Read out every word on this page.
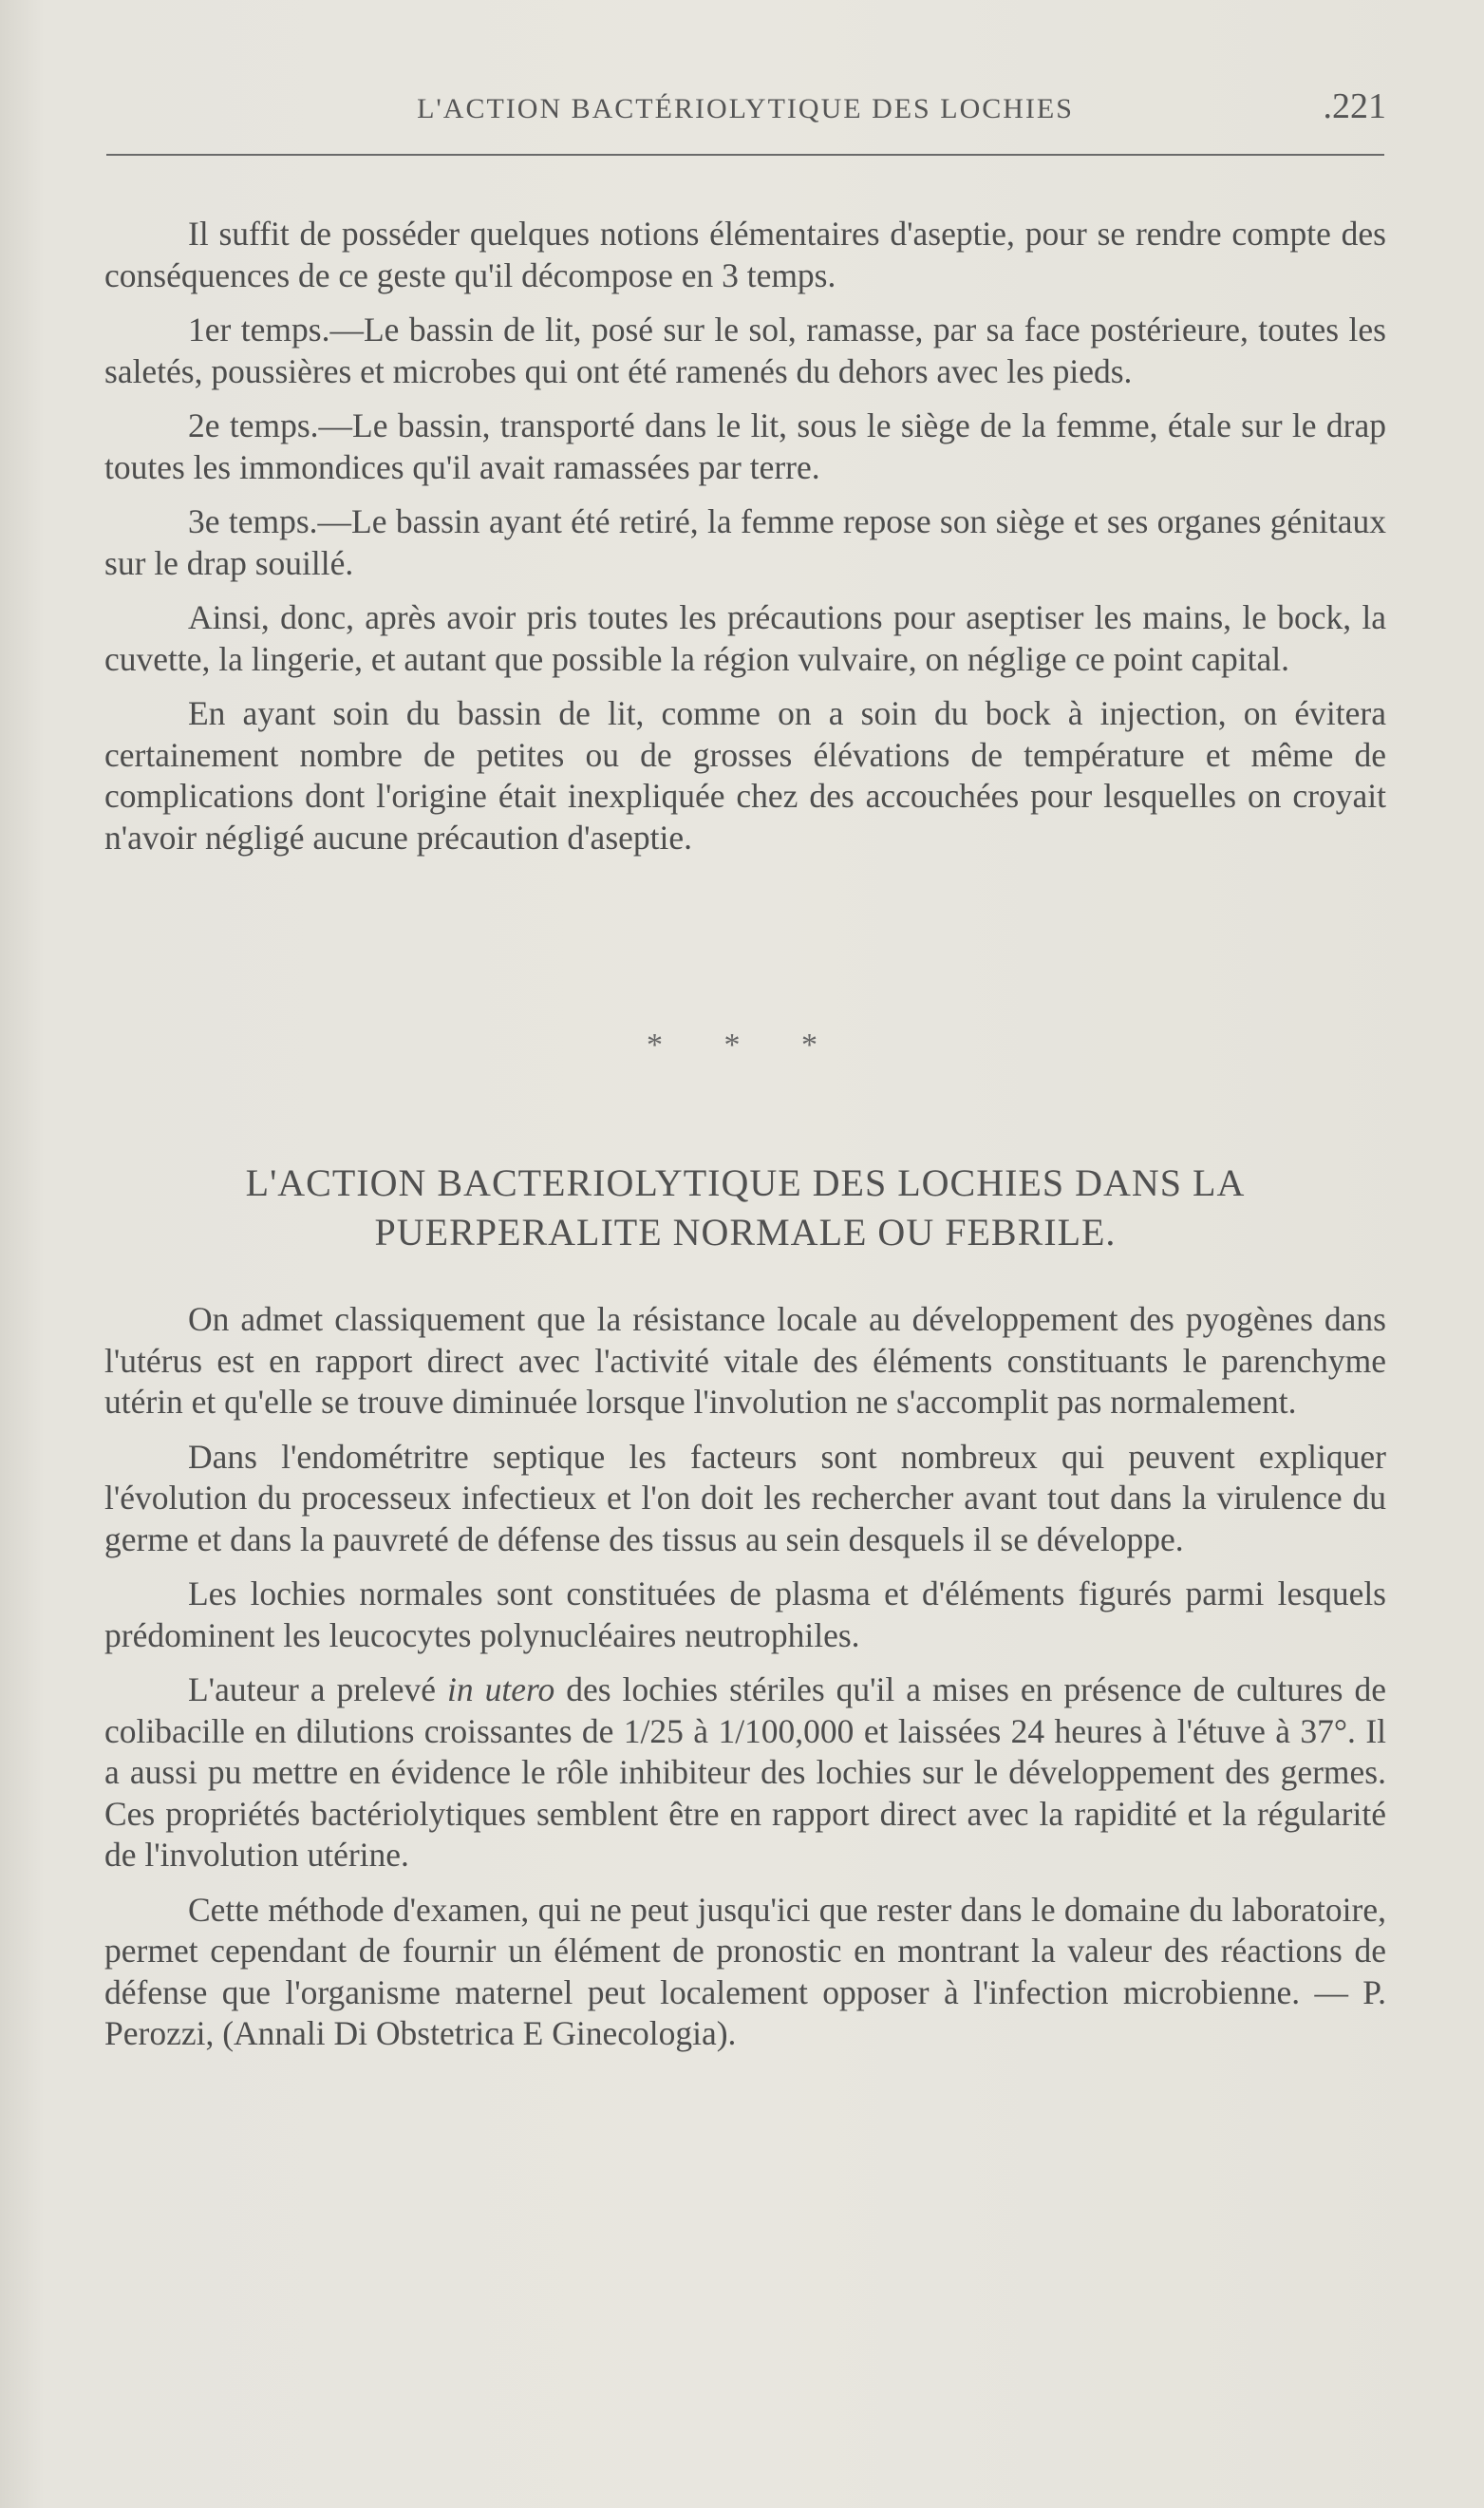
L'ACTION BACTÉRIOLYTIQUE DES LOCHIES	.221

Il suffit de posséder quelques notions élémentaires d'aseptie, pour se rendre compte des conséquences de ce geste qu'il décompose en 3 temps.

1er temps.—Le bassin de lit, posé sur le sol, ramasse, par sa face postérieure, toutes les saletés, poussières et microbes qui ont été ramenés du dehors avec les pieds.

2e temps.—Le bassin, transporté dans le lit, sous le siège de la femme, étale sur le drap toutes les immondices qu'il avait ramassées par terre.

3e temps.—Le bassin ayant été retiré, la femme repose son siège et ses organes génitaux sur le drap souillé.

Ainsi, donc, après avoir pris toutes les précautions pour aseptiser les mains, le bock, la cuvette, la lingerie, et autant que possible la région vulvaire, on néglige ce point capital.

En ayant soin du bassin de lit, comme on a soin du bock à injection, on évitera certainement nombre de petites ou de grosses élévations de température et même de complications dont l'origine était inexpliquée chez des accouchées pour lesquelles on croyait n'avoir négligé aucune précaution d'aseptie.

* * *
L'ACTION BACTERIOLYTIQUE DES LOCHIES DANS LA
PUERPERALITE NORMALE OU FEBRILE.

On admet classiquement que la résistance locale au développement des pyogènes dans l'utérus est en rapport direct avec l'activité vitale des éléments constituants le parenchyme utérin et qu'elle se trouve diminuée lorsque l'involution ne s'accomplit pas normalement.

Dans l'endométritre septique les facteurs sont nombreux qui peuvent expliquer l'évolution du processeux infectieux et l'on doit les rechercher avant tout dans la virulence du germe et dans la pauvreté de défense des tissus au sein desquels il se développe.

Les lochies normales sont constituées de plasma et d'éléments figurés parmi lesquels prédominent les leucocytes polynucléaires neutrophiles.

L'auteur a prelevé in utero des lochies stériles qu'il a mises en présence de cultures de colibacille en dilutions croissantes de 1/25 à 1/100,000 et laissées 24 heures à l'étuve à 37°. Il a aussi pu mettre en évidence le rôle inhibiteur des lochies sur le développement des germes. Ces propriétés bactériolytiques semblent être en rapport direct avec la rapidité et la régularité de l'involution utérine.

Cette méthode d'examen, qui ne peut jusqu'ici que rester dans le domaine du laboratoire, permet cependant de fournir un élément de pronostic en montrant la valeur des réactions de défense que l'organisme maternel peut localement opposer à l'infection microbienne. — P. Perozzi, (Annali Di Obstetrica E Ginecologia).
